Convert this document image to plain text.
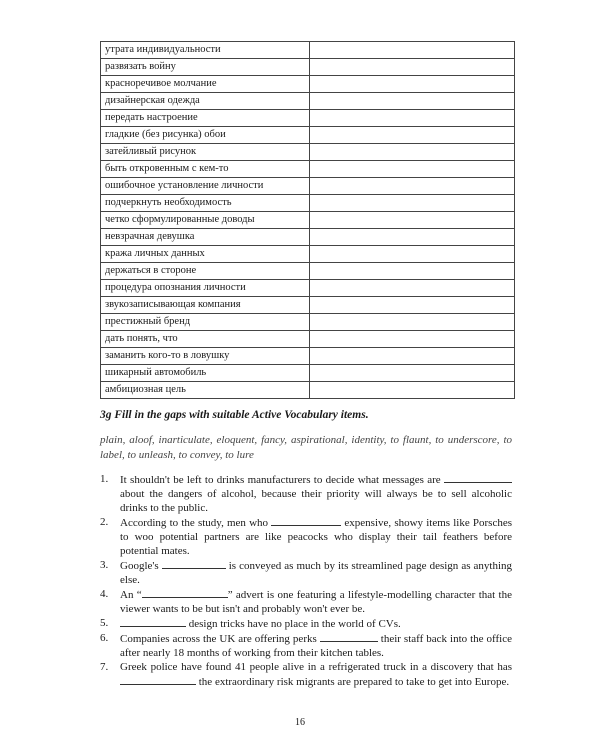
утрата индивидуальности	
развязать войну	
красноречивое молчание	
дизайнерская одежда	
передать настроение	
гладкие (без рисунка) обои	
затейливый рисунок	
быть откровенным с кем-то	
ошибочное установление личности	
подчеркнуть необходимость	
четко сформулированные доводы	
невзрачная девушка	
кража личных данных	
держаться в стороне	
процедура опознания личности	
звукозаписывающая компания	
престижный бренд	
дать понять, что	
заманить кого-то в ловушку	
шикарный автомобиль	
амбициозная цель	

3g Fill in the gaps with suitable Active Vocabulary items.

plain, aloof, inarticulate, eloquent, fancy, aspirational, identity, to flaunt, to underscore, to label, to unleash, to convey, to lure
1. It shouldn't be left to drinks manufacturers to decide what messages are  about the dangers of alcohol, because their priority will always be to sell alcoholic drinks to the public.
2. According to the study, men who	expensive, showy items like Porsches to woo potential partners are like peacocks who display their tail feathers before potential mates.
3. Google's	is conveyed as much by its streamlined page design as anything else.
4. An “	” advert is one featuring a lifestyle-modelling character that the viewer wants to be but isn't and probably won't ever be.
5.	design tricks have no place in the world of CVs.
6. Companies across the UK are offering perks	their staff back into the office after nearly 18 months of working from their kitchen tables.
7. Greek police have found 41 people alive in a refrigerated truck in a discovery that has  the extraordinary risk migrants are prepared to take to get into Europe.
16
